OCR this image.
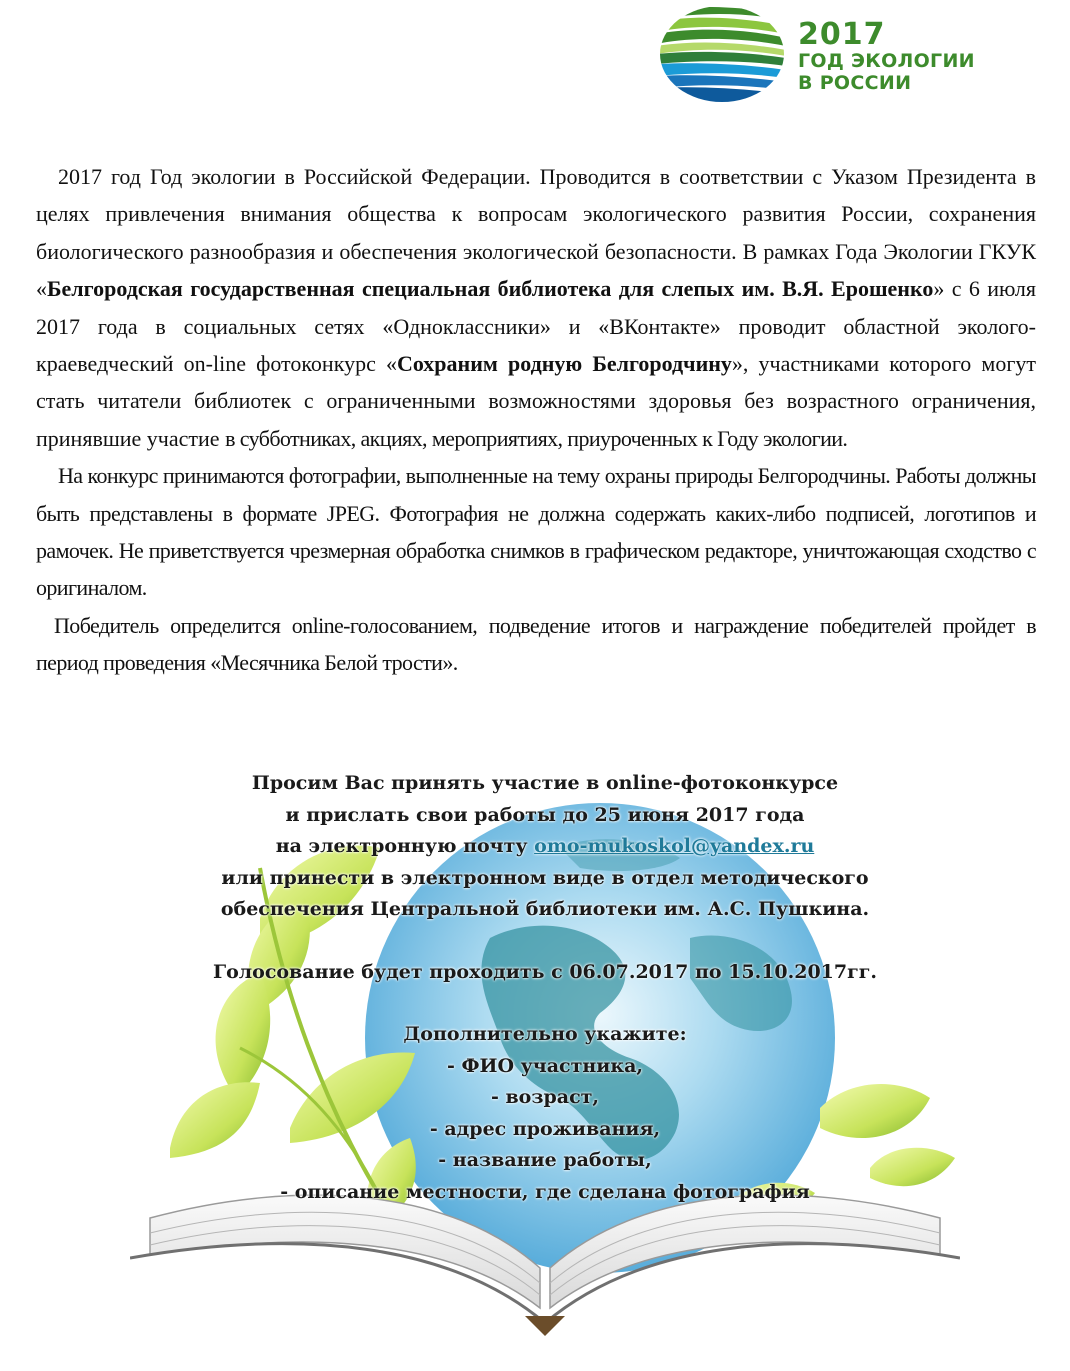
2017
ГОД ЭКОЛОГИИ
В РОССИИ

2017 год Год экологии в Российской Федерации. Проводится в соответствии с Указом Президента в целях привлечения внимания общества к вопросам экологического развития России, сохранения биологического разнообразия и обеспечения экологической безопасности. В рамках Года Экологии ГКУК «Белгородская государственная специальная библиотека для слепых им. В.Я. Ерошенко» с 6 июля 2017 года в социальных сетях «Одноклассники» и «ВКонтакте» проводит областной эколого-краеведческий on-line фотоконкурс «Сохраним родную Белгородчину», участниками которого могут стать читатели библиотек с ограниченными возможностями здоровья без возрастного ограничения, принявшие участие в субботниках, акциях, мероприятиях, приуроченных к Году экологии.

На конкурс принимаются фотографии, выполненные на тему охраны природы Белгородчины. Работы должны быть представлены в формате JPEG. Фотография не должна содержать каких-либо подписей, логотипов и рамочек. Не приветствуется чрезмерная обработка снимков в графическом редакторе, уничтожающая сходство с оригиналом.

Победитель определится online-голосованием, подведение итогов и награждение победителей пройдет в период проведения «Месячника Белой трости».

Просим Вас принять участие в online-фотоконкурсе
и прислать свои работы до 25 июня 2017 года
на электронную почту omo-mukoskol@yandex.ru
или принести в электронном виде в отдел методического
обеспечения Центральной библиотеки им. А.С. Пушкина.
Голосование будет проходить с 06.07.2017 по 15.10.2017гг.
Дополнительно укажите:
- ФИО участника,
- возраст,
- адрес проживания,
- название работы,
- описание местности, где сделана фотография
